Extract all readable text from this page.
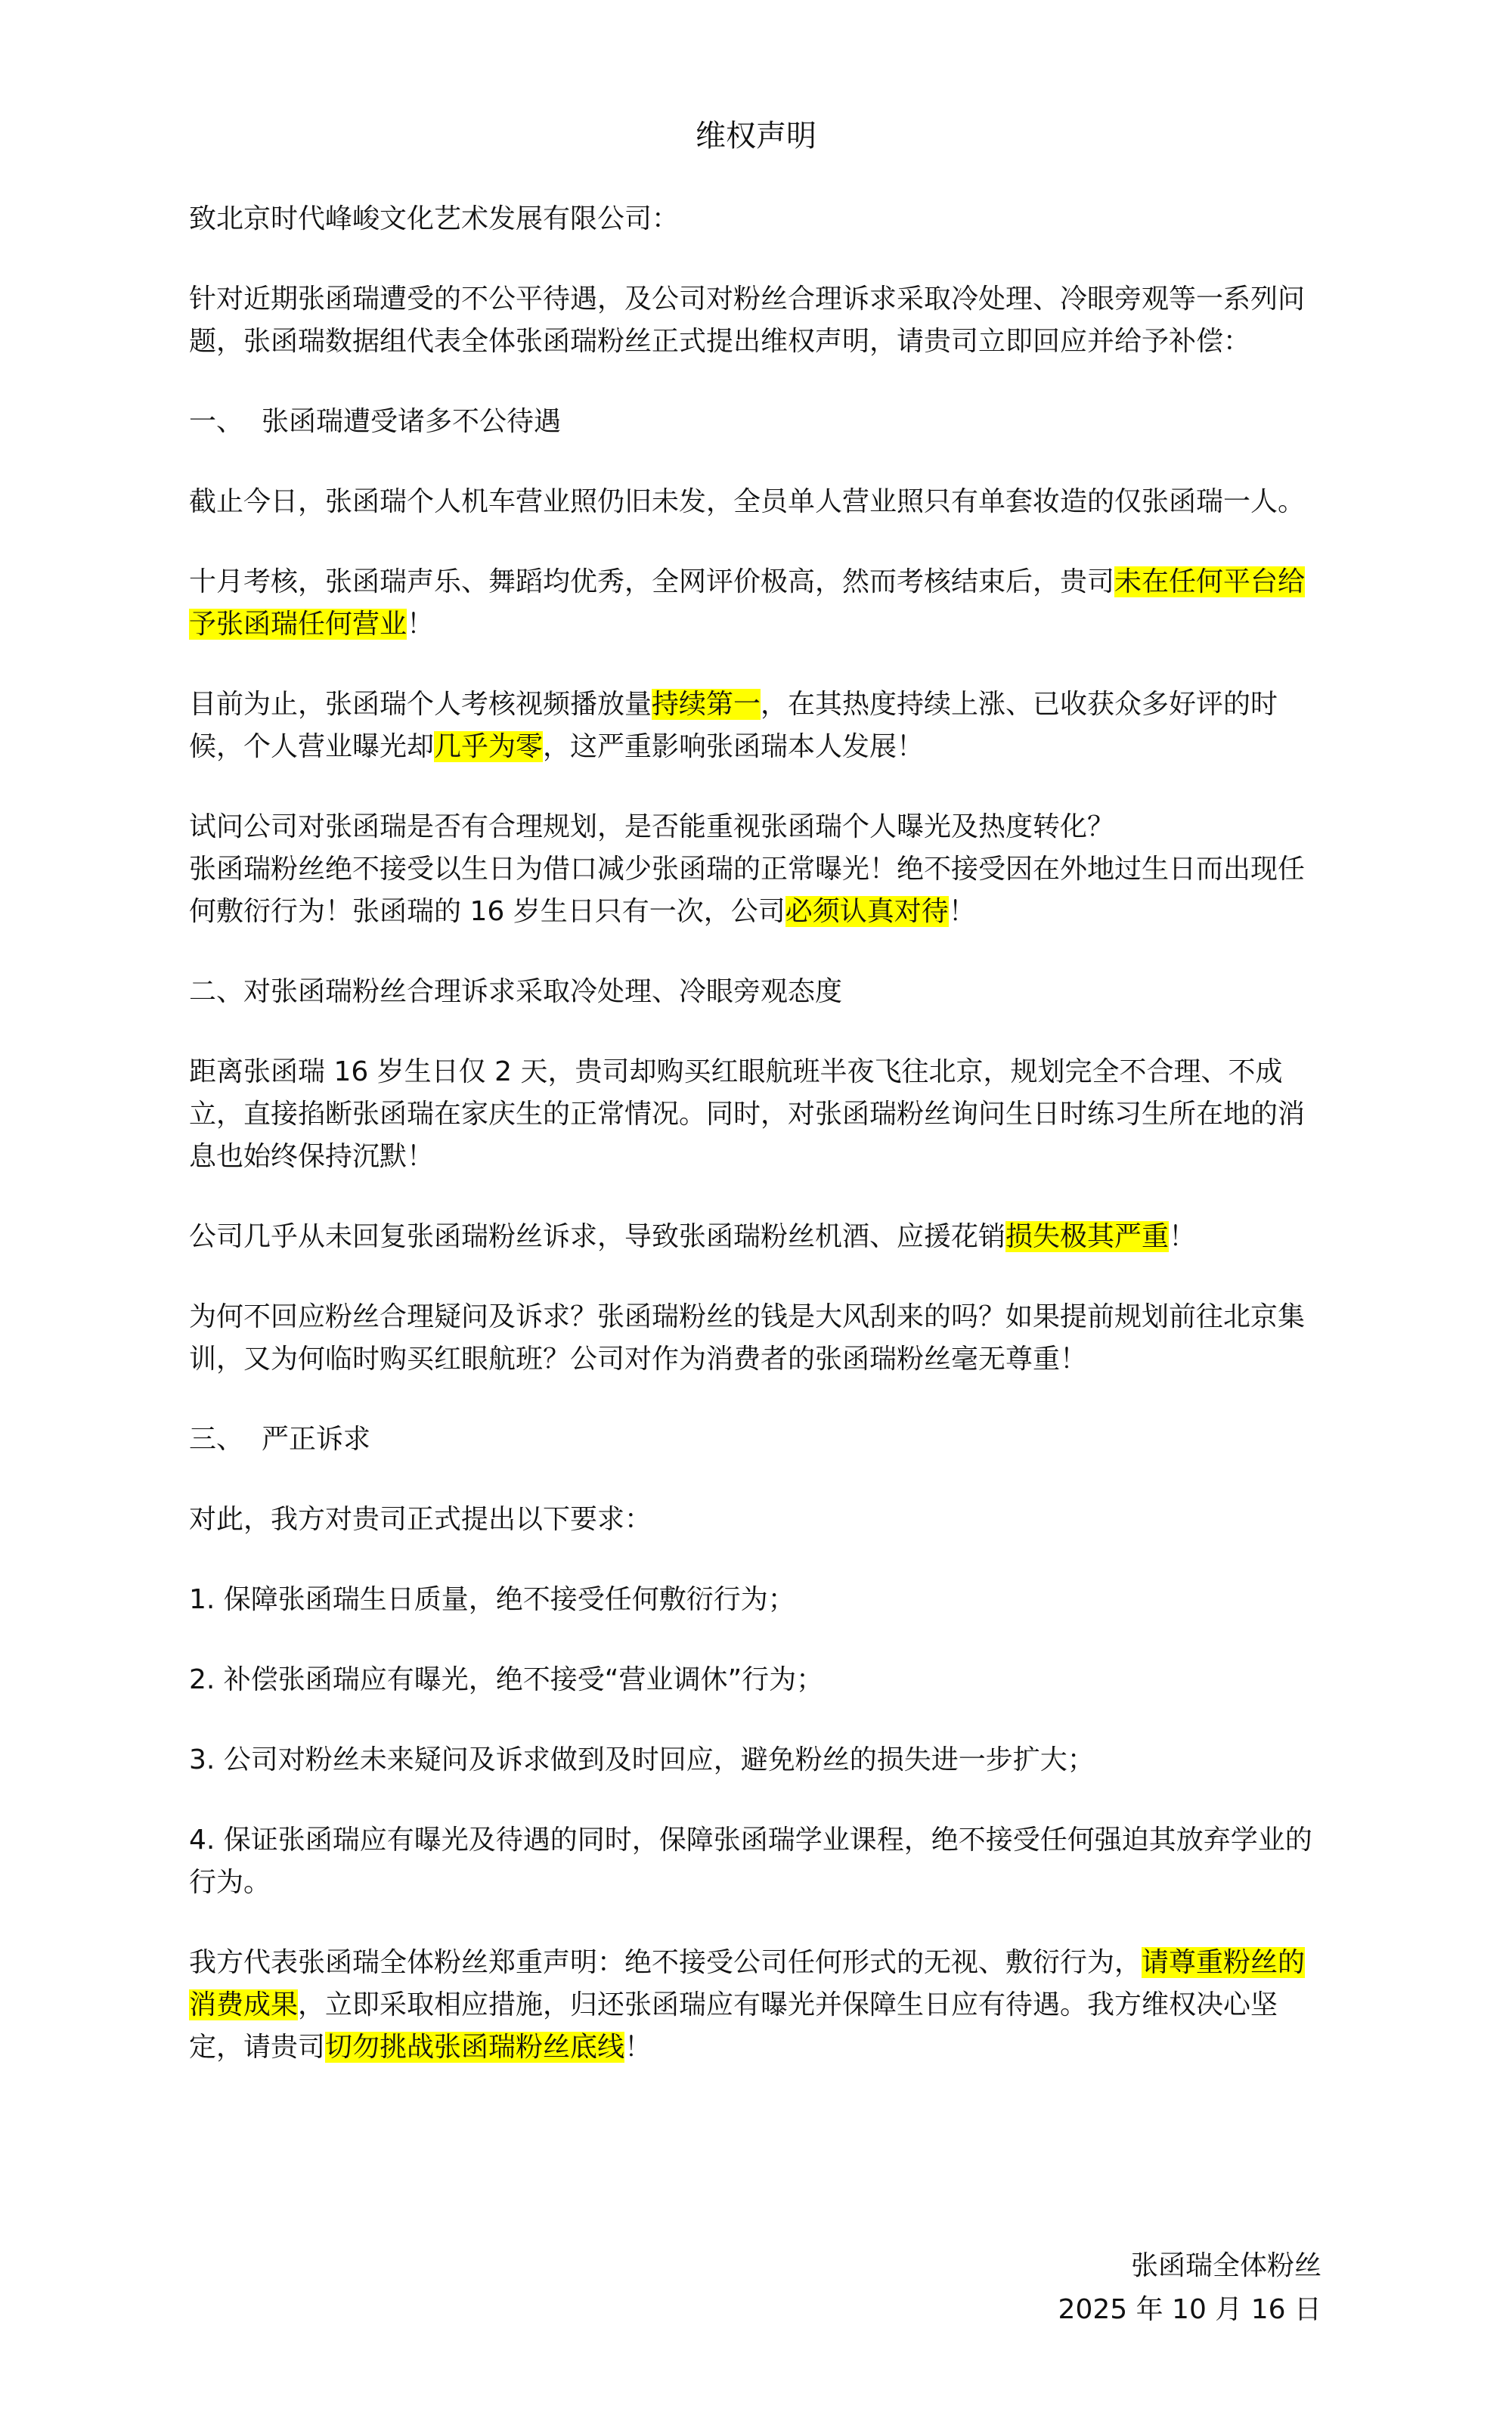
维权声明

致北京时代峰峻文化艺术发展有限公司：

针对近期张函瑞遭受的不公平待遇，及公司对粉丝合理诉求采取冷处理、冷眼旁观等一系列问题，张函瑞数据组代表全体张函瑞粉丝正式提出维权声明，请贵司立即回应并给予补偿：

一、 张函瑞遭受诸多不公待遇

截止今日，张函瑞个人机车营业照仍旧未发，全员单人营业照只有单套妆造的仅张函瑞一人。

十月考核，张函瑞声乐、舞蹈均优秀，全网评价极高，然而考核结束后，贵司未在任何平台给予张函瑞任何营业！

目前为止，张函瑞个人考核视频播放量持续第一，在其热度持续上涨、已收获众多好评的时候，个人营业曝光却几乎为零，这严重影响张函瑞本人发展！

试问公司对张函瑞是否有合理规划，是否能重视张函瑞个人曝光及热度转化？

张函瑞粉丝绝不接受以生日为借口减少张函瑞的正常曝光！绝不接受因在外地过生日而出现任何敷衍行为！张函瑞的 16 岁生日只有一次，公司必须认真对待！

二、对张函瑞粉丝合理诉求采取冷处理、冷眼旁观态度

距离张函瑞 16 岁生日仅 2 天，贵司却购买红眼航班半夜飞往北京，规划完全不合理、不成立，直接掐断张函瑞在家庆生的正常情况。同时，对张函瑞粉丝询问生日时练习生所在地的消息也始终保持沉默！

公司几乎从未回复张函瑞粉丝诉求，导致张函瑞粉丝机酒、应援花销损失极其严重！

为何不回应粉丝合理疑问及诉求？张函瑞粉丝的钱是大风刮来的吗？如果提前规划前往北京集训，又为何临时购买红眼航班？公司对作为消费者的张函瑞粉丝毫无尊重！

三、 严正诉求

对此，我方对贵司正式提出以下要求：

1. 保障张函瑞生日质量，绝不接受任何敷衍行为；

2. 补偿张函瑞应有曝光，绝不接受“营业调休”行为；

3. 公司对粉丝未来疑问及诉求做到及时回应，避免粉丝的损失进一步扩大；

4. 保证张函瑞应有曝光及待遇的同时，保障张函瑞学业课程，绝不接受任何强迫其放弃学业的行为。

我方代表张函瑞全体粉丝郑重声明：绝不接受公司任何形式的无视、敷衍行为，请尊重粉丝的消费成果，立即采取相应措施，归还张函瑞应有曝光并保障生日应有待遇。我方维权决心坚定，请贵司切勿挑战张函瑞粉丝底线！

张函瑞全体粉丝
2025 年 10 月 16 日
